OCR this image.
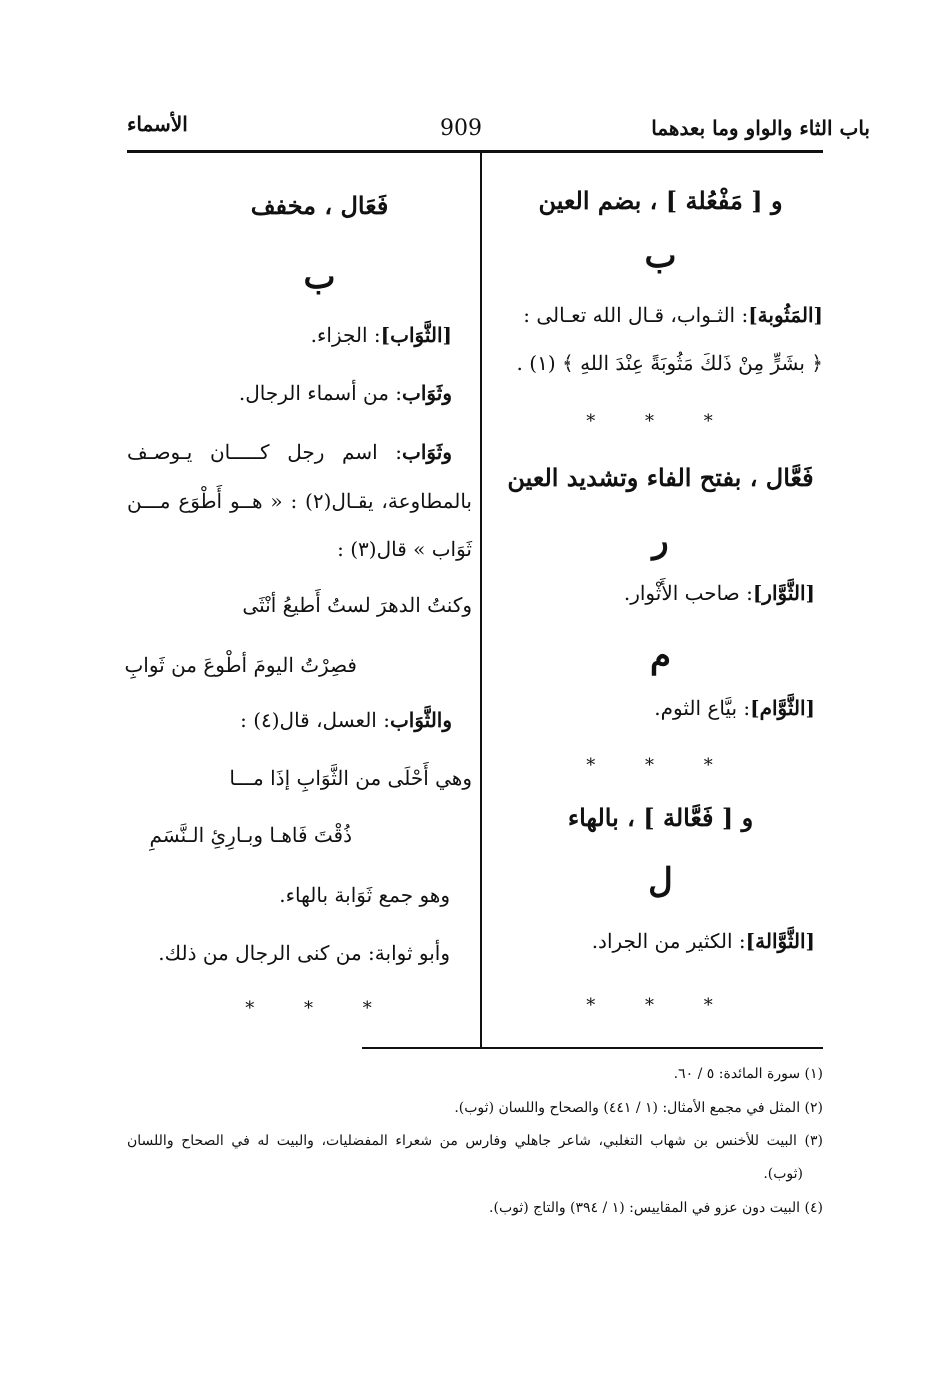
باب الثاء والواو وما بعدهما
909
الأسماء
و [ مَفْعُلة ] ، بضم العين
ب
[المَثُوبة]: الثـواب، قـال الله تعـالى :
﴿ بشَرٍّ مِنْ ذَلكَ مَثُوبَةً عِنْدَ اللهِ ﴾ (١) .
* * *
فَعَّال ، بفتح الفاء وتشديد العين
ر
[الثَّوَّار]: صاحب الأَثْوار.
م
[الثَّوَّام]: بيَّاع الثوم.
* * *
و [ فَعَّالة ] ، بالهاء
ل
[الثَّوَّالة]: الكثير من الجراد.
* * *
فَعَال ، مخفف
ب
[الثَّوَاب]: الجزاء.
وثَوَاب: من أسماء الرجال.
وثَوَاب: اسم رجل كـــــان يـوصـف
بالمطاوعة، يقـال(٢) : « هــو أَطْوَع مـــن
ثَوَاب » قال(٣) :
وكنتُ الدهرَ لستُ أَطيعُ أنْثَى
فصِرْتُ اليومَ أطْوعَ من ثَوابِ
والثَّوَاب: العسل، قال(٤) :
وهي أَحْلَى من الثَّوَابِ إذَا مـــا
ذُقْتَ فَاهـا وبـارِئِ الـنَّسَمِ
وهو جمع ثَوَابة بالهاء.
وأبو ثوابة: من كنى الرجال من ذلك.
* * *
(١) سورة المائدة: ٥ / ٦٠.
(٢) المثل في مجمع الأمثال: (١ / ٤٤١) والصحاح واللسان (ثوب).
(٣) البيت للأخنس بن شهاب التغلبي، شاعر جاهلي وفارس من شعراء المفضليات، والبيت له في الصحاح واللسان
(ثوب).
(٤) البيت دون عزو في المقاييس: (١ / ٣٩٤) والتاج (ثوب).
